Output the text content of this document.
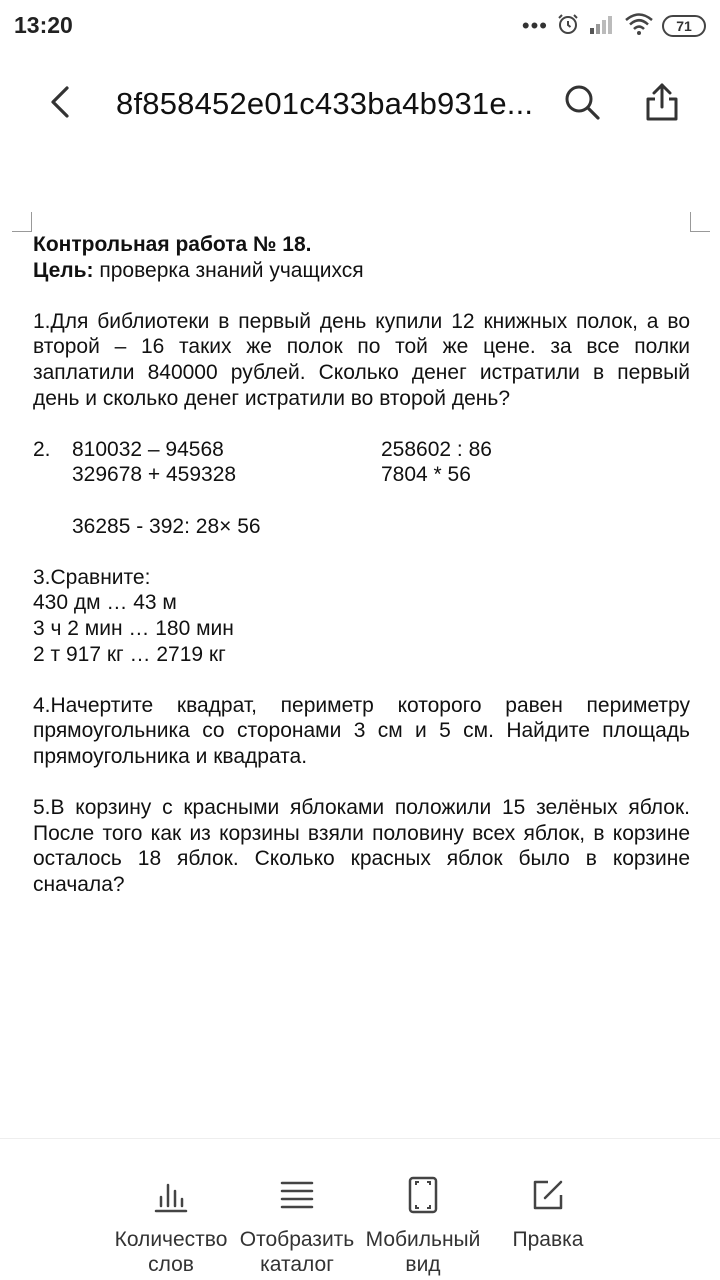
13:20	•••	71
8f858452e01c433ba4b931e...

Контрольная работа № 18.

Цель: проверка знаний учащихся

1.Для библиотеки в первый день купили 12 книжных полок, а во второй – 16 таких же полок по той же цене. за все полки заплатили 840000 рублей. Сколько денег истратили в первый день и сколько денег истратили во второй день?

2.	810032 – 94568	258602 : 86
329678 + 459328	7804 * 56
36285 - 392: 28× 56

3.Сравните:

430 дм … 43 м

3 ч 2 мин … 180 мин

2 т 917 кг … 2719 кг

4.Начертите квадрат, периметр которого равен периметру прямоугольника со сторонами 3 см и 5 см. Найдите площадь прямоугольника и квадрата.

5.В корзину с красными яблоками положили 15 зелёных яблок. После того как из корзины взяли половину всех яблок, в корзине осталось 18 яблок. Сколько красных яблок было в корзине сначала?

Количество
слов
Отобразить
каталог
Мобильный
вид
Правка
